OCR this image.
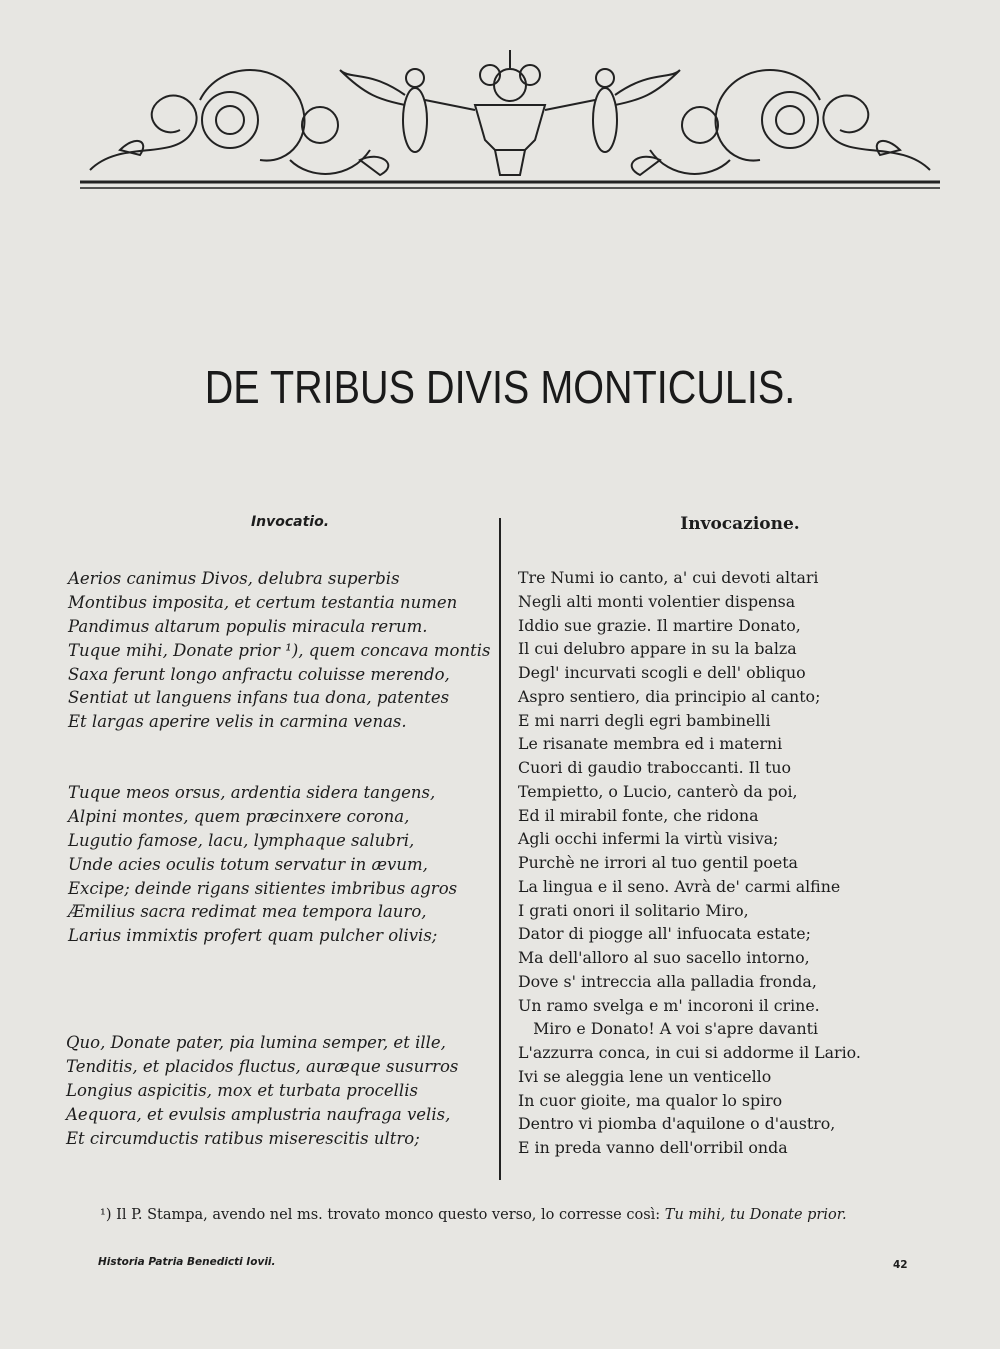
DE TRIBUS DIVIS MONTICULIS.
Invocatio.	Invocazione.
Aerios canimus Divos, delubra superbis
Montibus imposita, et certum testantia numen
Pandimus altarum populis miracula rerum.
Tuque mihi, Donate prior ¹), quem concava montis
Saxa ferunt longo anfractu coluisse merendo,
Sentiat ut languens infans tua dona, patentes
Et largas aperire velis in carmina venas.
Tuque meos orsus, ardentia sidera tangens,
Alpini montes, quem præcinxere corona,
Lugutio famose, lacu, lymphaque salubri,
Unde acies oculis totum servatur in ævum,
Excipe; deinde rigans sitientes imbribus agros
Æmilius sacra redimat mea tempora lauro,
Larius immixtis profert quam pulcher olivis;
Quo, Donate pater, pia lumina semper, et ille,
Tenditis, et placidos fluctus, auræque susurros
Longius aspicitis, mox et turbata procellis
Aequora, et evulsis amplustria naufraga velis,
Et circumductis ratibus miserescitis ultro;
Tre Numi io canto, a' cui devoti altari
Negli alti monti volentier dispensa
Iddio sue grazie. Il martire Donato,
Il cui delubro appare in su la balza
Degl' incurvati scogli e dell' obliquo
Aspro sentiero, dia principio al canto;
E mi narri degli egri bambinelli
Le risanate membra ed i materni
Cuori di gaudio traboccanti. Il tuo
Tempietto, o Lucio, canterò da poi,
Ed il mirabil fonte, che ridona
Agli occhi infermi la virtù visiva;
Purchè ne irrori al tuo gentil poeta
La lingua e il seno. Avrà de' carmi alfine
I grati onori il solitario Miro,
Dator di piogge all' infuocata estate;
Ma dell'alloro al suo sacello intorno,
Dove s' intreccia alla palladia fronda,
Un ramo svelga e m' incoroni il crine.
Miro e Donato! A voi s'apre davanti
L'azzurra conca, in cui si addorme il Lario.
Ivi se aleggia lene un venticello
In cuor gioite, ma qualor lo spiro
Dentro vi piomba d'aquilone o d'austro,
E in preda vanno dell'orribil onda
¹) Il P. Stampa, avendo nel ms. trovato monco questo verso, lo corresse così: Tu mihi, tu Donate prior.
Historia Patria Benedicti Iovii.	42
